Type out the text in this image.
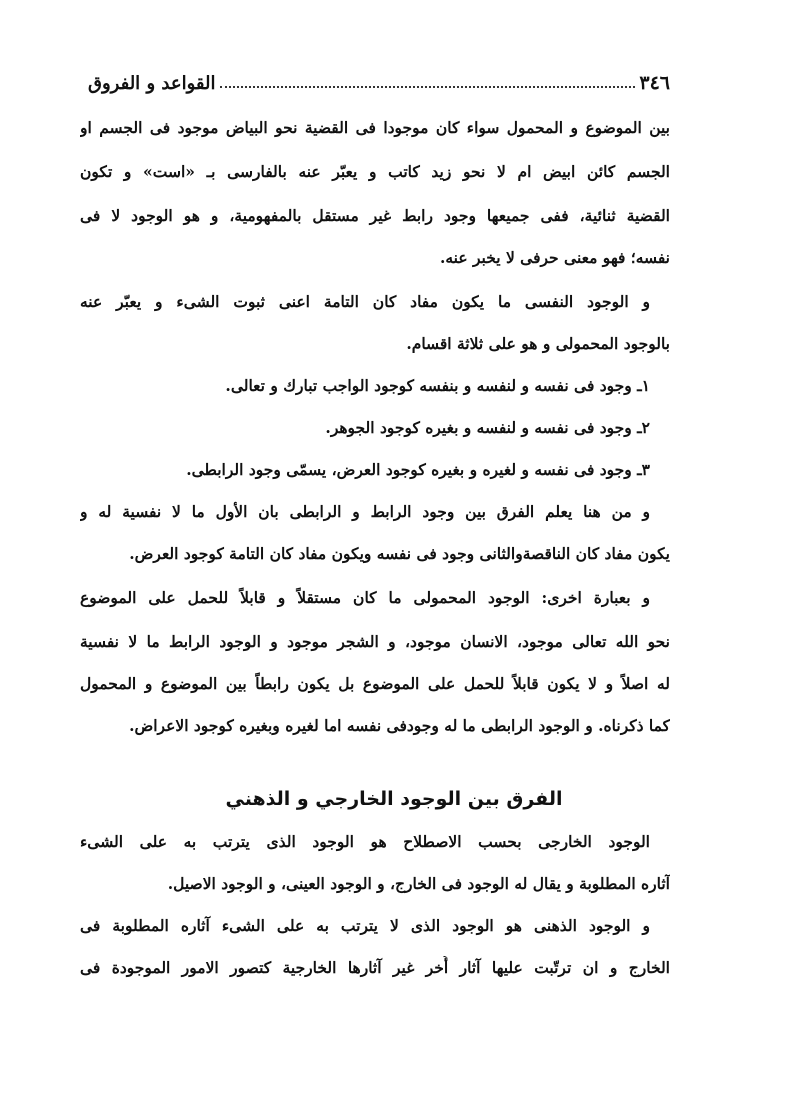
٣٤٦
القواعد و الفروق
بين الموضوع و المحمول سواء كان موجودا فى القضية نحو البياض موجود فى الجسم او
الجسم كائن ابيض ام لا نحو زيد كاتب و يعبّر عنه بالفارسى بـ «است» و تكون
القضية ثنائية، ففى جميعها وجود رابط غير مستقل بالمفهومية، و هو الوجود لا فى
نفسه؛ فهو معنى حرفى لا يخبر عنه.
و الوجود النفسى ما يكون مفاد كان التامة اعنى ثبوت الشىء و يعبّر عنه
بالوجود المحمولى و هو على ثلاثة اقسام.
١ـ وجود فى نفسه و لنفسه و بنفسه كوجود الواجب تبارك و تعالى.
٢ـ وجود فى نفسه و لنفسه و بغيره كوجود الجوهر.
٣ـ وجود فى نفسه و لغيره و بغيره كوجود العرض، يسمّى وجود الرابطى.
و من هنا يعلم الفرق بين وجود الرابط و الرابطى بان الأول ما لا نفسية له و
يكون مفاد كان الناقصةوالثانى وجود فى نفسه ويكون مفاد كان التامة كوجود العرض.
و بعبارة اخرى: الوجود المحمولى ما كان مستقلاً و قابلاً للحمل على الموضوع
نحو الله تعالى موجود، الانسان موجود، و الشجر موجود و الوجود الرابط ما لا نفسية
له اصلاً و لا يكون قابلاً للحمل على الموضوع بل يكون رابطاً بين الموضوع و المحمول
كما ذكرناه. و الوجود الرابطى ما له وجودفى نفسه اما لغيره وبغيره كوجود الاعراض.
الفرق بين الوجود الخارجي و الذهني
الوجود الخارجى بحسب الاصطلاح هو الوجود الذى يترتب به على الشىء
آثاره المطلوبة و يقال له الوجود فى الخارج، و الوجود العينى، و الوجود الاصيل.
و الوجود الذهنى هو الوجود الذى لا يترتب به على الشىء آثاره المطلوبة فى
الخارج و ان ترتّبت عليها آثار أُخر غير آثارها الخارجية كتصور الامور الموجودة فى
